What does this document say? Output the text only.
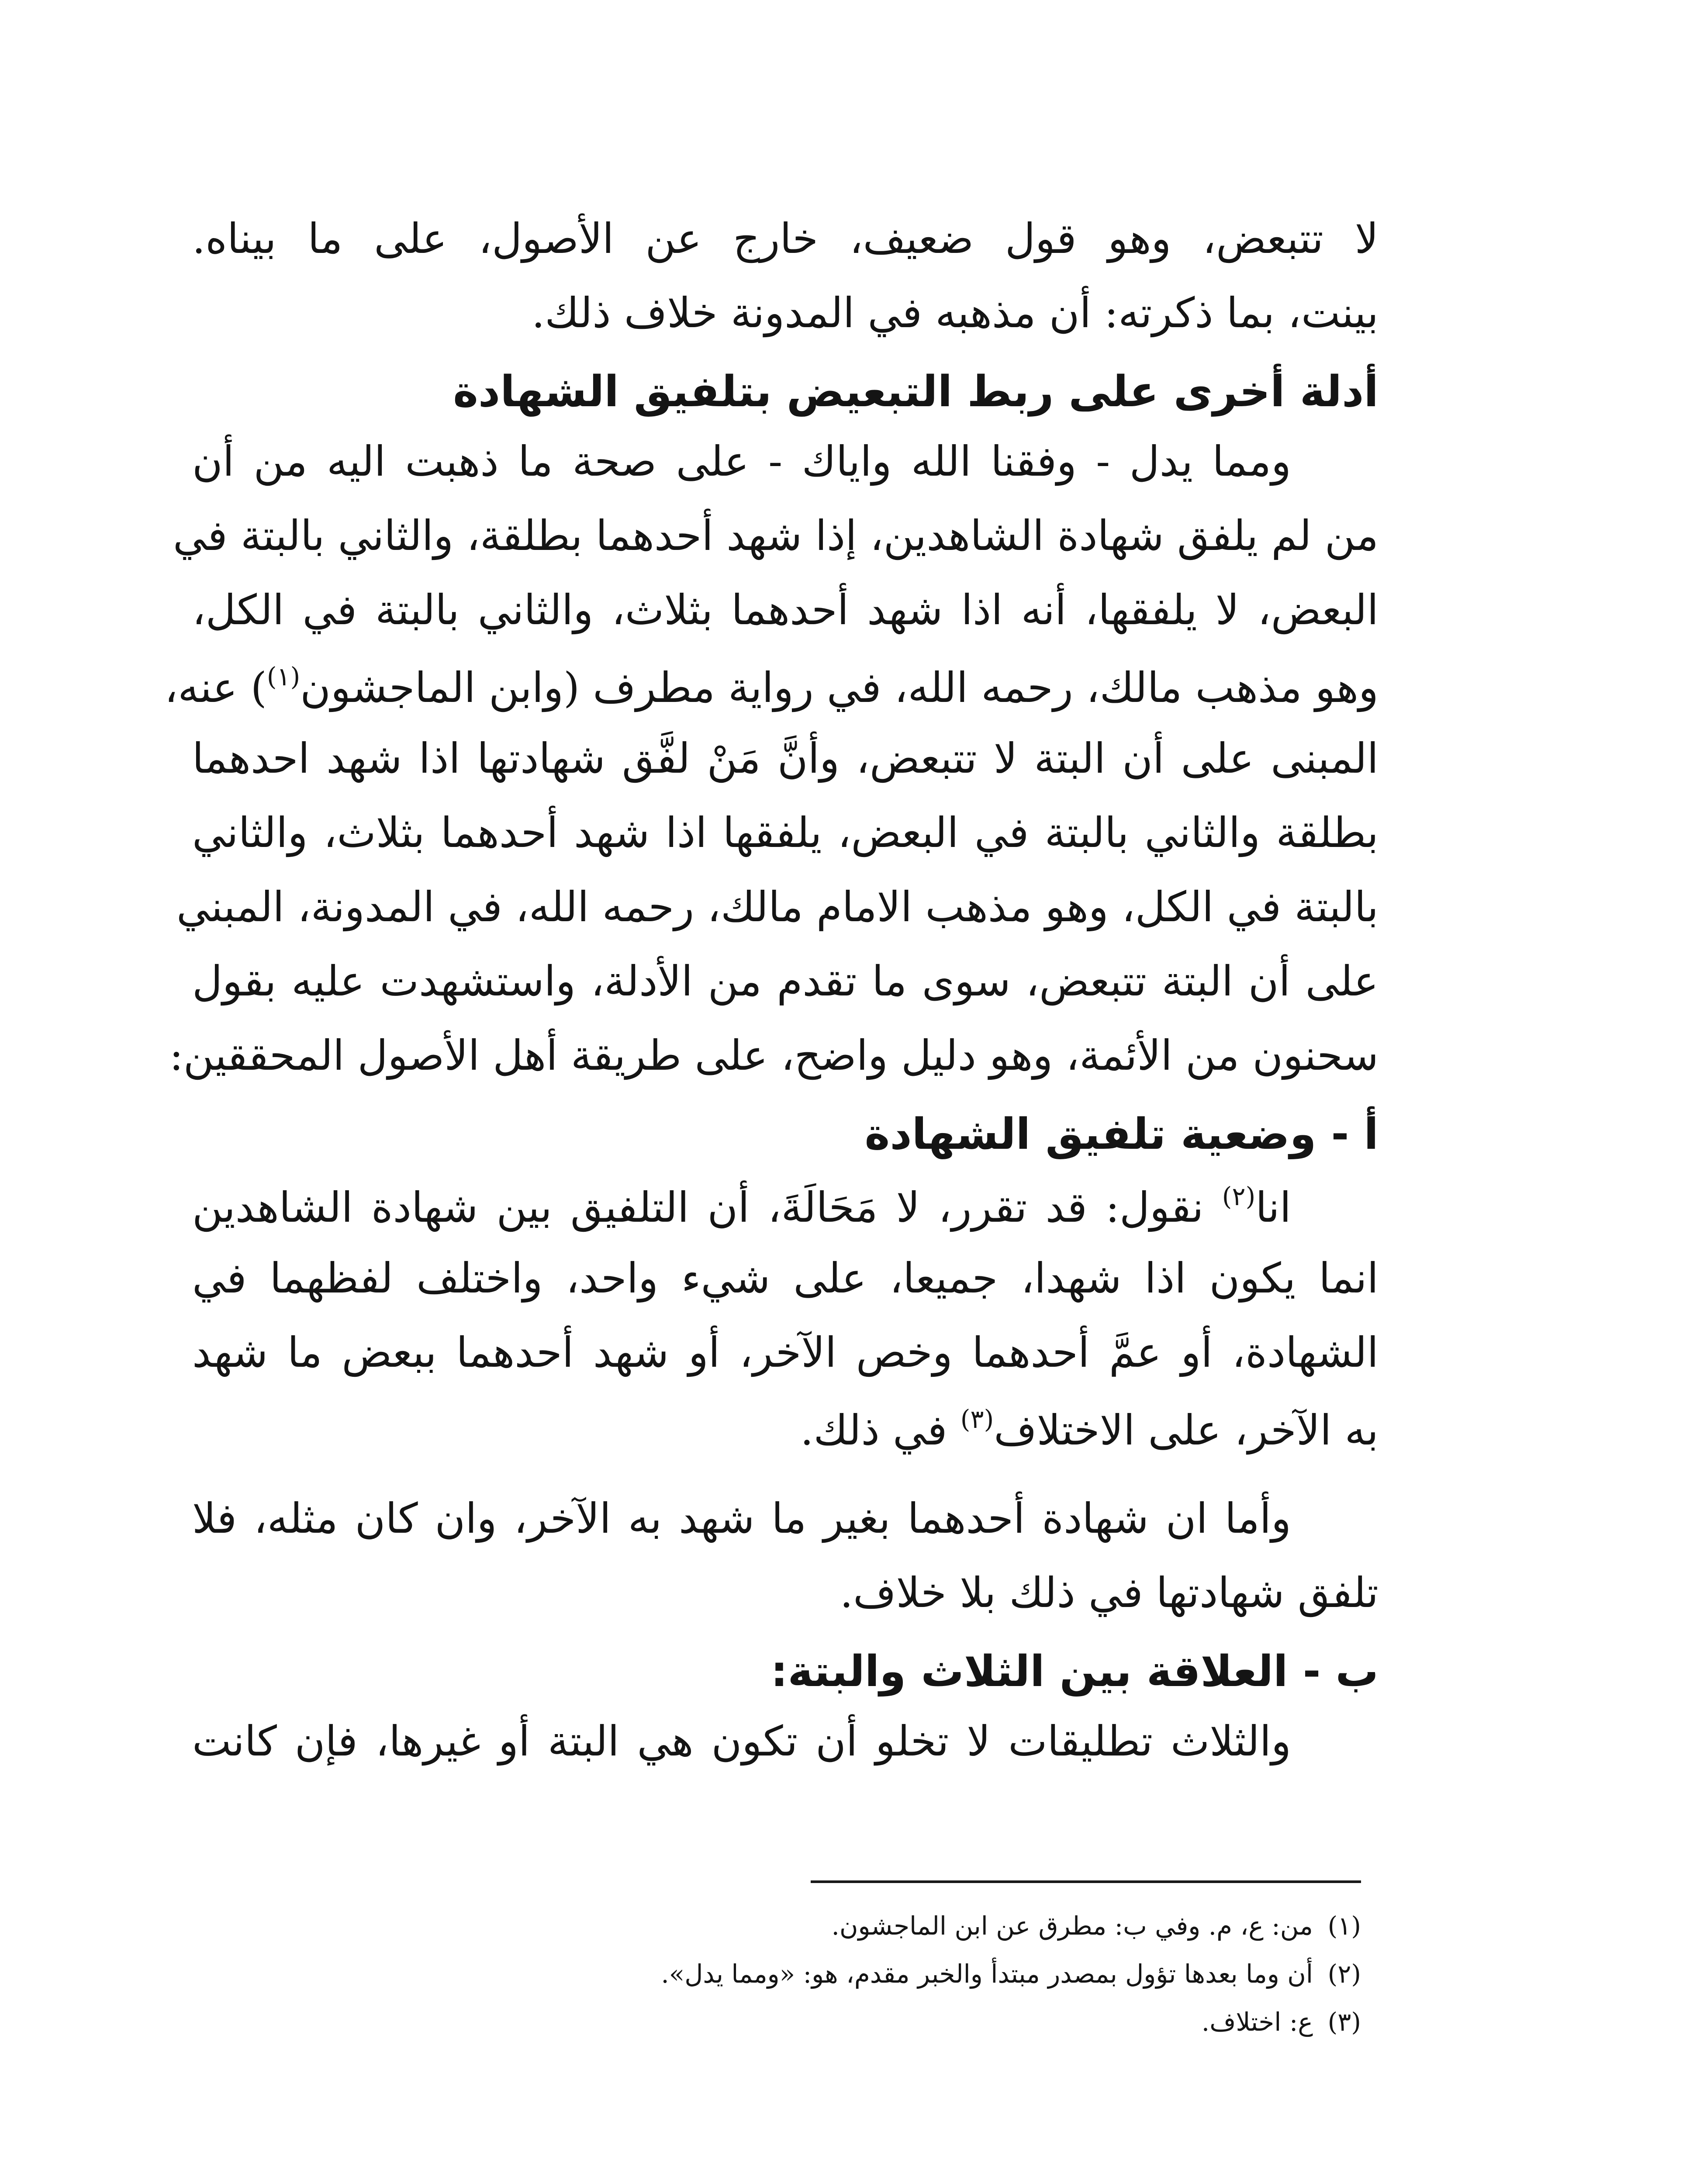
لا تتبعض، وهو قول ضعيف، خارج عن الأصول، على ما بيناه.
بينت، بما ذكرته: أن مذهبه في المدونة خلاف ذلك.
أدلة أخرى على ربط التبعيض بتلفيق الشهادة
ومما يدل - وفقنا الله واياك - على صحة ما ذهبت اليه من أن
من لم يلفق شهادة الشاهدين، إذا شهد أحدهما بطلقة، والثاني بالبتة في
البعض، لا يلفقها، أنه اذا شهد أحدهما بثلاث، والثاني بالبتة في الكل،
وهو مذهب مالك، رحمه الله، في رواية مطرف (وابن الماجشون$^{(١)}$) عنه،
المبنى على أن البتة لا تتبعض، وأنَّ مَنْ لفَّق شهادتها اذا شهد احدهما
بطلقة والثاني بالبتة في البعض، يلفقها اذا شهد أحدهما بثلاث، والثاني
بالبتة في الكل، وهو مذهب الامام مالك، رحمه الله، في المدونة، المبني
على أن البتة تتبعض، سوى ما تقدم من الأدلة، واستشهدت عليه بقول
سحنون من الأئمة، وهو دليل واضح، على طريقة أهل الأصول المحققين:
أ - وضعية تلفيق الشهادة
انا$^{(٢)}$ نقول: قد تقرر، لا مَحَالَةَ، أن التلفيق بين شهادة الشاهدين
انما يكون اذا شهدا، جميعا، على شيء واحد، واختلف لفظهما في
الشهادة، أو عمَّ أحدهما وخص الآخر، أو شهد أحدهما ببعض ما شهد
به الآخر، على الاختلاف$^{(٣)}$ في ذلك.
وأما ان شهادة أحدهما بغير ما شهد به الآخر، وان كان مثله، فلا
تلفق شهادتها في ذلك بلا خلاف.
ب - العلاقة بين الثلاث والبتة:
والثلاث تطليقات لا تخلو أن تكون هي البتة أو غيرها، فإن كانت
(١)من: ع، م. وفي ب: مطرق عن ابن الماجشون.
(٢)أن وما بعدها تؤول بمصدر مبتدأ والخبر مقدم، هو: «ومما يدل».
(٣)ع: اختلاف.
